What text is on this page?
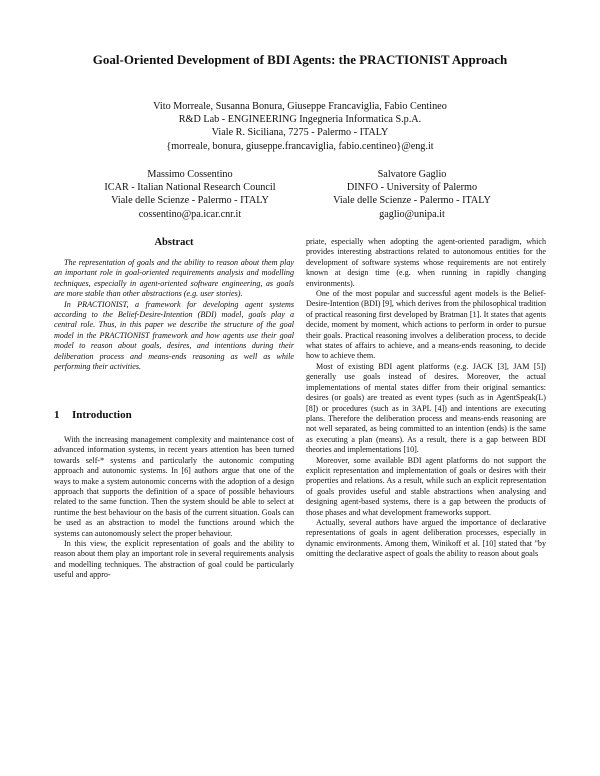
Goal-Oriented Development of BDI Agents: the PRACTIONIST Approach
Vito Morreale, Susanna Bonura, Giuseppe Francaviglia, Fabio Centineo
R&D Lab - ENGINEERING Ingegneria Informatica S.p.A.
Viale R. Siciliana, 7275 - Palermo - ITALY
{morreale, bonura, giuseppe.francaviglia, fabio.centineo}@eng.it
Massimo Cossentino
ICAR - Italian National Research Council
Viale delle Scienze - Palermo - ITALY
cossentino@pa.icar.cnr.it
Salvatore Gaglio
DINFO - University of Palermo
Viale delle Scienze - Palermo - ITALY
gaglio@unipa.it
Abstract

The representation of goals and the ability to reason about them play an important role in goal-oriented requirements analysis and modelling techniques, especially in agent-oriented software engineering, as goals are more stable than other abstractions (e.g. user stories).

In PRACTIONIST, a framework for developing agent systems according to the Belief-Desire-Intention (BDI) model, goals play a central role. Thus, in this paper we describe the structure of the goal model in the PRACTIONIST framework and how agents use their goal model to reason about goals, desires, and intentions during their deliberation process and means-ends reasoning as well as while performing their activities.

1 Introduction

With the increasing management complexity and maintenance cost of advanced information systems, in recent years attention has been turned towards self-* systems and particularly the autonomic computing approach and autonomic systems. In [6] authors argue that one of the ways to make a system autonomic concerns with the adoption of a design approach that supports the definition of a space of possible behaviours related to the same function. Then the system should be able to select at runtime the best behaviour on the basis of the current situation. Goals can be used as an abstraction to model the functions around which the systems can autonomously select the proper behaviour.

In this view, the explicit representation of goals and the ability to reason about them play an important role in several requirements analysis and modelling techniques. The abstraction of goal could be particularly useful and appro-

priate, especially when adopting the agent-oriented paradigm, which provides interesting abstractions related to autonomous entities for the development of software systems whose requirements are not entirely known at design time (e.g. when running in rapidly changing environments).

One of the most popular and successful agent models is the Belief-Desire-Intention (BDI) [9], which derives from the philosophical tradition of practical reasoning first developed by Bratman [1]. It states that agents decide, moment by moment, which actions to perform in order to pursue their goals. Practical reasoning involves a deliberation process, to decide what states of affairs to achieve, and a means-ends reasoning, to decide how to achieve them.

Most of existing BDI agent platforms (e.g. JACK [3], JAM [5]) generally use goals instead of desires. Moreover, the actual implementations of mental states differ from their original semantics: desires (or goals) are treated as event types (such as in AgentSpeak(L) [8]) or procedures (such as in 3APL [4]) and intentions are executing plans. Therefore the deliberation process and means-ends reasoning are not well separated, as being committed to an intention (ends) is the same as executing a plan (means). As a result, there is a gap between BDI theories and implementations [10].

Moreover, some available BDI agent platforms do not support the explicit representation and implementation of goals or desires with their properties and relations. As a result, while such an explicit representation of goals provides useful and stable abstractions when analysing and designing agent-based systems, there is a gap between the products of those phases and what development frameworks support.

Actually, several authors have argued the importance of declarative representations of goals in agent deliberation processes, especially in dynamic environments. Among them, Winikoff et al. [10] stated that "by omitting the declarative aspect of goals the ability to reason about goals
